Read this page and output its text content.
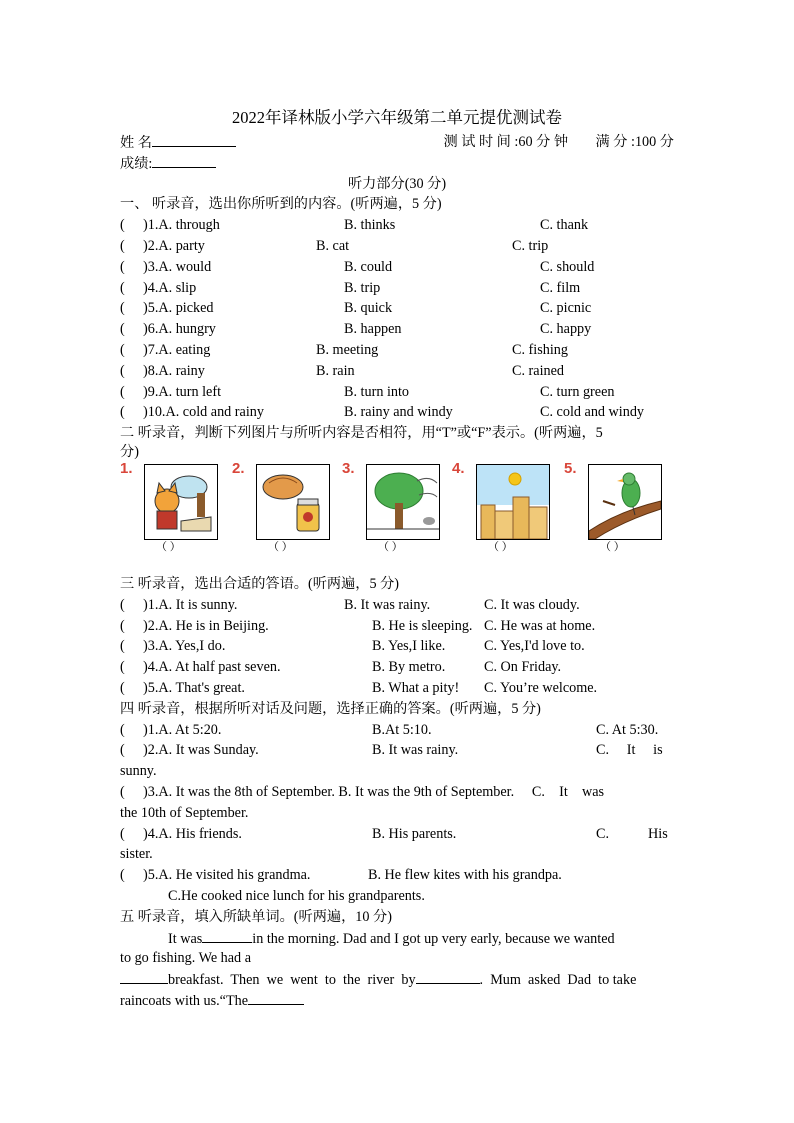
2022年译林版小学六年级第二单元提优测试卷
姓 名	测 试 时 间 :60 分 钟 满 分 :100 分
成绩:
听力部分(30 分)
一、 听录音，选出你所听到的内容。(听两遍，5 分)
( )1.A. through	B. thinks	C. thank
( )2.A. party	B. cat	C. trip
( )3.A. would	B. could	C. should
( )4.A. slip	B. trip	C. film
( )5.A. picked	B. quick	C. picnic
( )6.A. hungry	B. happen	C. happy
( )7.A. eating	B. meeting	C. fishing
( )8.A. rainy	B. rain	C. rained
( )9.A. turn left	B. turn into	C. turn green
( )10.A. cold and rainy	B. rainy and windy	C. cold and windy
二 听录音，判断下列图片与所听内容是否相符，用“T”或“F”表示。(听两遍，5
分)
1.
（ ）
2.
（ ）
3.
（ ）
4.
（ ）
5.
（ ）
三 听录音，选出合适的答语。(听两遍，5 分)
( )1.A. It is sunny.	B. It was rainy.	C. It was cloudy.
( )2.A. He is in Beijing.	B. He is sleeping. C. He was at home.
( )3.A. Yes,I do.	B. Yes,I like.	C. Yes,I'd love to.
( )4.A. At half past seven.	B. By metro.	C. On Friday.
( )5.A. That's great.	B. What a pity! C. You’re welcome.
四 听录音，根据所听对话及问题，选择正确的答案。(听两遍，5 分)
( )1.A. At 5:20.	B.At 5:10.	C. At 5:30.
( )2.A. It was Sunday.	B. It was rainy.	C.     It     is
sunny.
( )3.A. It was the 8th of September. B. It was the 9th of September.     C.    It    was
the 10th of September.
( )4.A. His friends.	B. His parents.	C.           His
sister.
( )5.A. He visited his grandma.	B. He flew kites with his grandpa.
C.He cooked nice lunch for his grandparents.
五 听录音，填入所缺单词。(听两遍，10 分)
It was	in the morning. Dad and I got up very early, because we wanted
to go fishing. We had a
breakfast.  Then  we  went  to  the  river  by	.  Mum  asked  Dad  to take
raincoats with us.“The
